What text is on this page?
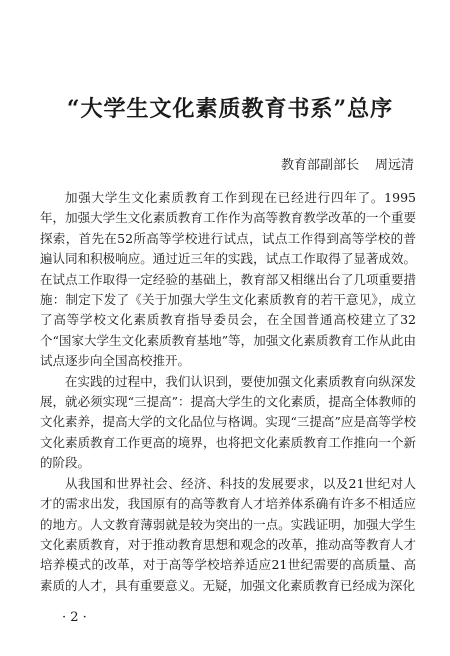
“大学生文化素质教育书系”总序
教育部副部长 周远清

加强大学生文化素质教育工作到现在已经进行四年了。1995年，加强大学生文化素质教育工作作为高等教育教学改革的一个重要探索，首先在52所高等学校进行试点，试点工作得到高等学校的普遍认同和积极响应。通过近三年的实践，试点工作取得了显著成效。在试点工作取得一定经验的基础上，教育部又相继出台了几项重要措施：制定下发了《关于加强大学生文化素质教育的若干意见》，成立了高等学校文化素质教育指导委员会，在全国普通高校建立了32个“国家大学生文化素质教育基地”等，加强文化素质教育工作从此由试点逐步向全国高校推开。

在实践的过程中，我们认识到，要使加强文化素质教育向纵深发展，就必须实现“三提高”：提高大学生的文化素质，提高全体教师的文化素养，提高大学的文化品位与格调。实现“三提高”应是高等学校文化素质教育工作更高的境界，也将把文化素质教育工作推向一个新的阶段。

从我国和世界社会、经济、科技的发展要求，以及21世纪对人才的需求出发，我国原有的高等教育人才培养体系确有许多不相适应的地方。人文教育薄弱就是较为突出的一点。实践证明，加强大学生文化素质教育，对于推动教育思想和观念的改革，推动高等教育人才培养模式的改革，对于高等学校培养适应21世纪需要的高质量、高素质的人才，具有重要意义。无疑，加强文化素质教育已经成为深化

· 2 ·
